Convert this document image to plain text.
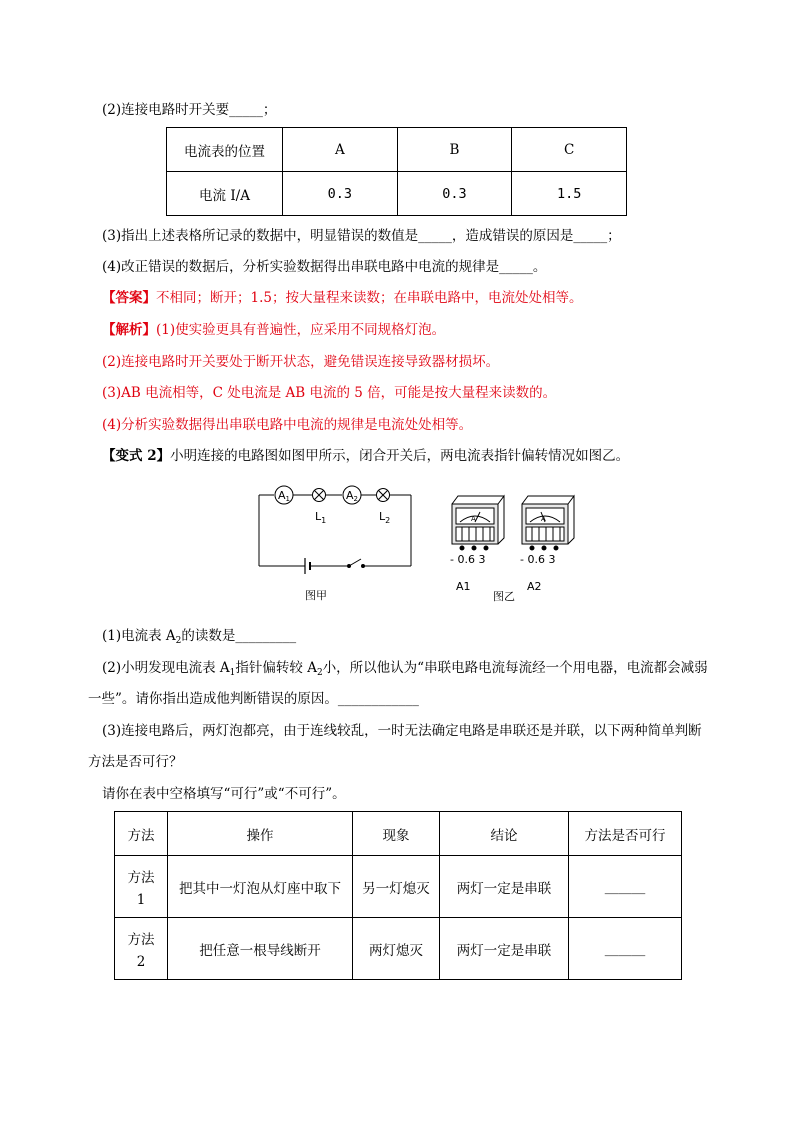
(2)连接电路时开关要_____；
电流表的位置	A	B	C
电流 I/A	0.3	0.3	1.5
(3)指出上述表格所记录的数据中，明显错误的数值是_____，造成错误的原因是_____；
(4)改正错误的数据后，分析实验数据得出串联电路中电流的规律是_____。
【答案】不相同；断开；1.5；按大量程来读数；在串联电路中，电流处处相等。
【解析】(1)使实验更具有普遍性，应采用不同规格灯泡。
(2)连接电路时开关要处于断开状态，避免错误连接导致器材损坏。
(3)AB 电流相等，C 处电流是 AB 电流的 5 倍，可能是按大量程来读数的。
(4)分析实验数据得出串联电路中电流的规律是电流处处相等。
【变式 2】小明连接的电路图如图甲所示，闭合开关后，两电流表指针偏转情况如图乙。
A1	A2
$L_1$	$L_2$
图甲
A	A
- 0.6 3	- 0.6 3
A1	A2
图乙
(1)电流表 $A_2$的读数是_________
(2)小明发现电流表 $A_1$指针偏转较 $A_2$小，所以他认为“串联电路电流每流经一个用电器，电流都会减弱
一些”。请你指出造成他判断错误的原因。____________
(3)连接电路后，两灯泡都亮，由于连线较乱，一时无法确定电路是串联还是并联，以下两种简单判断
方法是否可行？
请你在表中空格填写“可行”或“不可行”。
方法	操作	现象	结论	方法是否可行

方法
1	把其中一灯泡从灯座中取下	另一灯熄灭	两灯一定是串联	______

方法
2	把任意一根导线断开	两灯熄灭	两灯一定是串联	______
